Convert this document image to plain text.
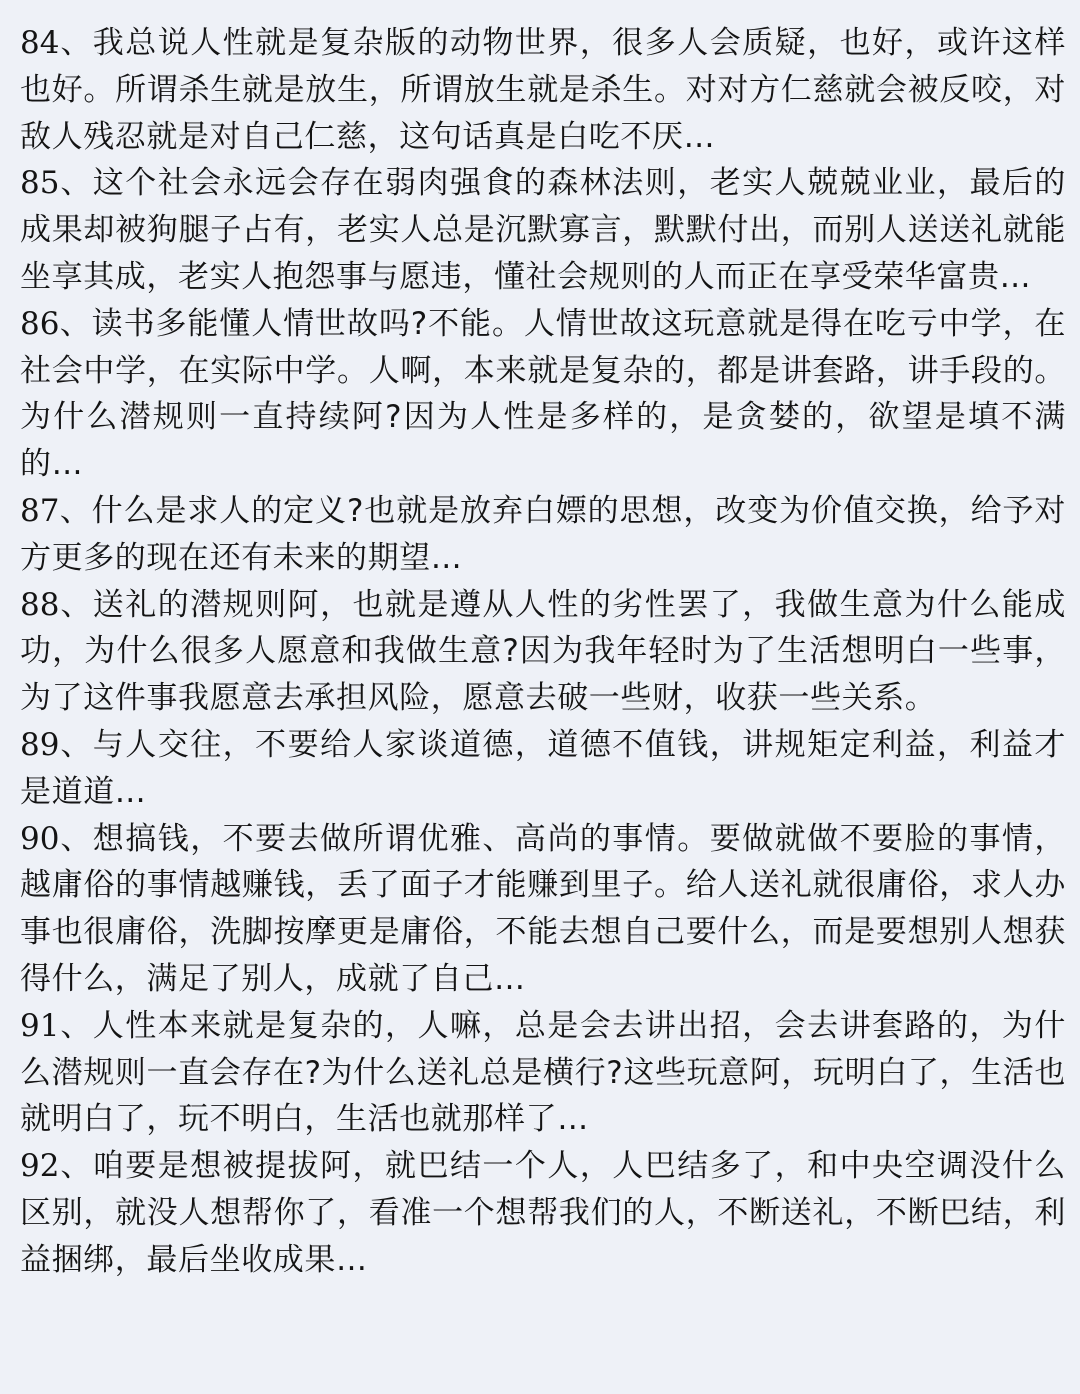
84、我总说人性就是复杂版的动物世界，很多人会质疑，也好，或许这样也好。所谓杀生就是放生，所谓放生就是杀生。对对方仁慈就会被反咬，对敌人残忍就是对自己仁慈，这句话真是白吃不厌…

85、这个社会永远会存在弱肉强食的森林法则，老实人兢兢业业，最后的成果却被狗腿子占有，老实人总是沉默寡言，默默付出，而别人送送礼就能坐享其成，老实人抱怨事与愿违，懂社会规则的人而正在享受荣华富贵…

86、读书多能懂人情世故吗?不能。人情世故这玩意就是得在吃亏中学，在社会中学，在实际中学。人啊，本来就是复杂的，都是讲套路，讲手段的。为什么潜规则一直持续阿?因为人性是多样的，是贪婪的，欲望是填不满的…

87、什么是求人的定义?也就是放弃白嫖的思想，改变为价值交换，给予对方更多的现在还有未来的期望…

88、送礼的潜规则阿，也就是遵从人性的劣性罢了，我做生意为什么能成功，为什么很多人愿意和我做生意?因为我年轻时为了生活想明白一些事，为了这件事我愿意去承担风险，愿意去破一些财，收获一些关系。

89、与人交往，不要给人家谈道德，道德不值钱，讲规矩定利益，利益才是道道…

90、想搞钱，不要去做所谓优雅、高尚的事情。要做就做不要脸的事情，越庸俗的事情越赚钱，丢了面子才能赚到里子。给人送礼就很庸俗，求人办事也很庸俗，洗脚按摩更是庸俗，不能去想自己要什么，而是要想别人想获得什么，满足了别人，成就了自己…

91、人性本来就是复杂的，人嘛，总是会去讲出招，会去讲套路的，为什么潜规则一直会存在?为什么送礼总是横行?这些玩意阿，玩明白了，生活也就明白了，玩不明白，生活也就那样了…

92、咱要是想被提拔阿，就巴结一个人，人巴结多了，和中央空调没什么区别，就没人想帮你了，看准一个想帮我们的人，不断送礼，不断巴结，利益捆绑，最后坐收成果…
